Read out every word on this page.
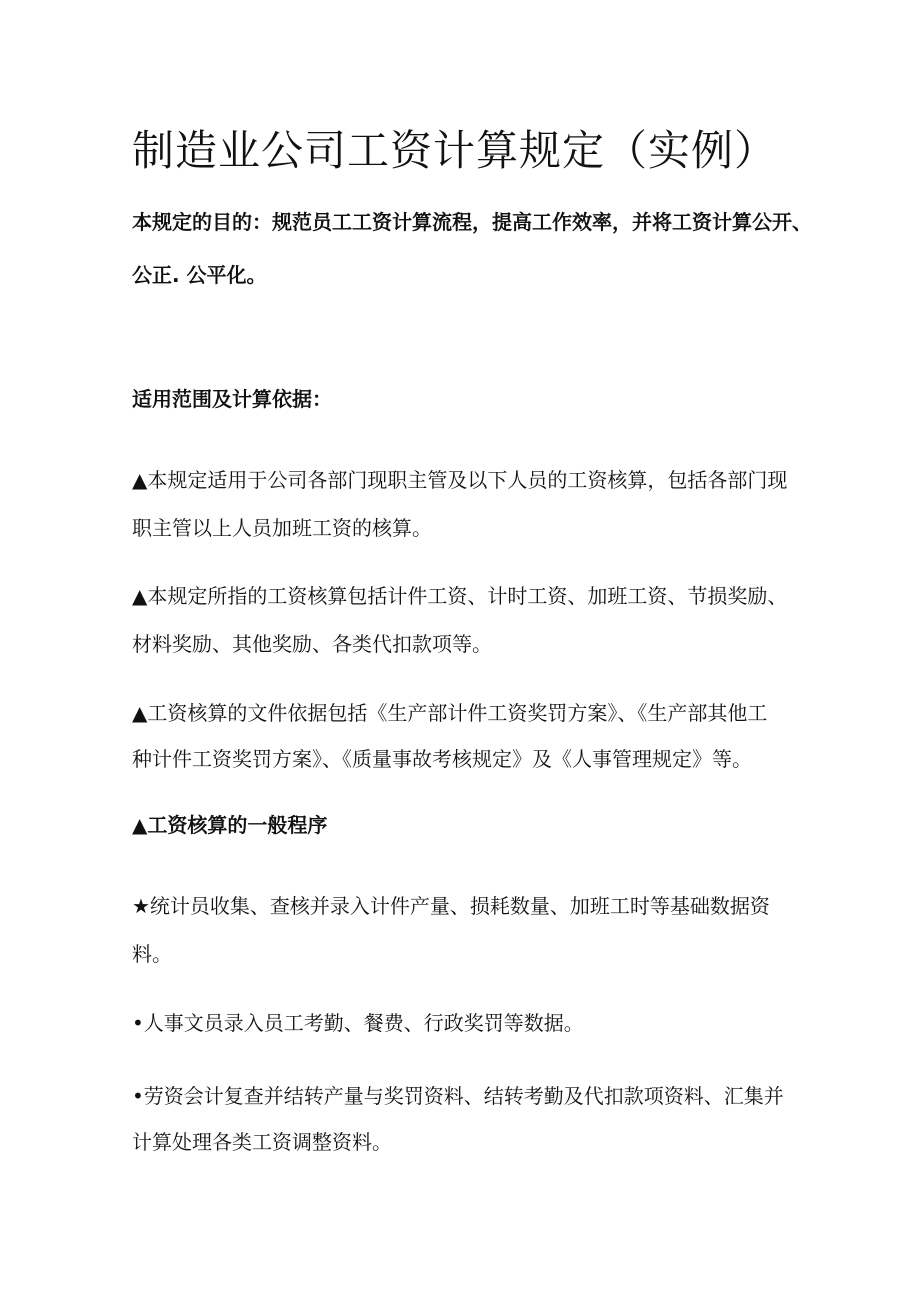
制造业公司工资计算规定（实例）

本规定的目的：规范员工工资计算流程，提高工作效率，并将工资计算公开、
公正. 公平化。

适用范围及计算依据：

▲本规定适用于公司各部门现职主管及以下人员的工资核算，包括各部门现
职主管以上人员加班工资的核算。

▲本规定所指的工资核算包括计件工资、计时工资、加班工资、节损奖励、
材料奖励、其他奖励、各类代扣款项等。

▲工资核算的文件依据包括《生产部计件工资奖罚方案》、《生产部其他工
种计件工资奖罚方案》、《质量事故考核规定》及《人事管理规定》等。

▲工资核算的一般程序

★统计员收集、查核并录入计件产量、损耗数量、加班工时等基础数据资
料。

•人事文员录入员工考勤、餐费、行政奖罚等数据。

•劳资会计复查并结转产量与奖罚资料、结转考勤及代扣款项资料、汇集并
计算处理各类工资调整资料。
